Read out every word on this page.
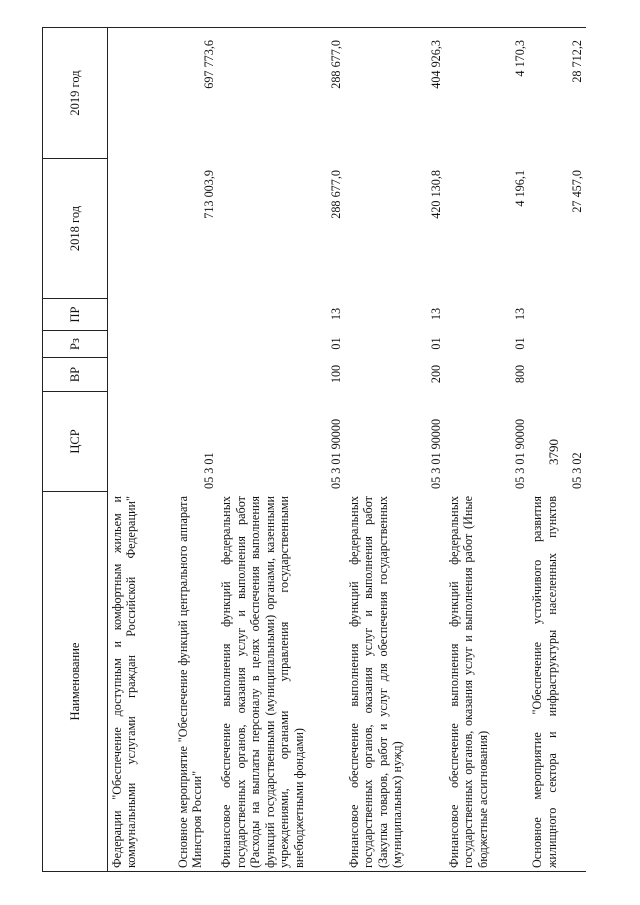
3790
Наименование
ЦСР
ВР
Рз
ПР
2018 год
2019 год

Федерации "Обеспечение доступным и комфортным жильем и коммунальными услугами граждан Российской Федерации"	Основное мероприятие "Обеспечение функций центрального аппарата Минстроя России"

05 3 01
713 003,9
697 773,6

Финансовое обеспечение выполнения функций федеральных государственных органов, оказания услуг и выполнения работ (Расходы на выплаты персоналу в целях обеспечения выполнения функций государственными (муниципальными) органами, казенными учреждениями, органами управления государственными внебюджетными фондами)

05 3 01 90000
100
01
13
288 677,0
288 677,0

Финансовое обеспечение выполнения функций федеральных государственных органов, оказания услуг и выполнения работ (Закупка товаров, работ и услуг для обеспечения государственных (муниципальных) нужд)

05 3 01 90000
200
01
13
420 130,8
404 926,3

Финансовое обеспечение выполнения функций федеральных государственных органов, оказания услуг и выполнения работ (Иные бюджетные ассигнования)

05 3 01 90000
800
01
13
4 196,1
4 170,3

Основное мероприятие "Обеспечение устойчивого развития жилищного сектора и инфраструктуры населенных пунктов

05 3 02
27 457,0
28 712,2
